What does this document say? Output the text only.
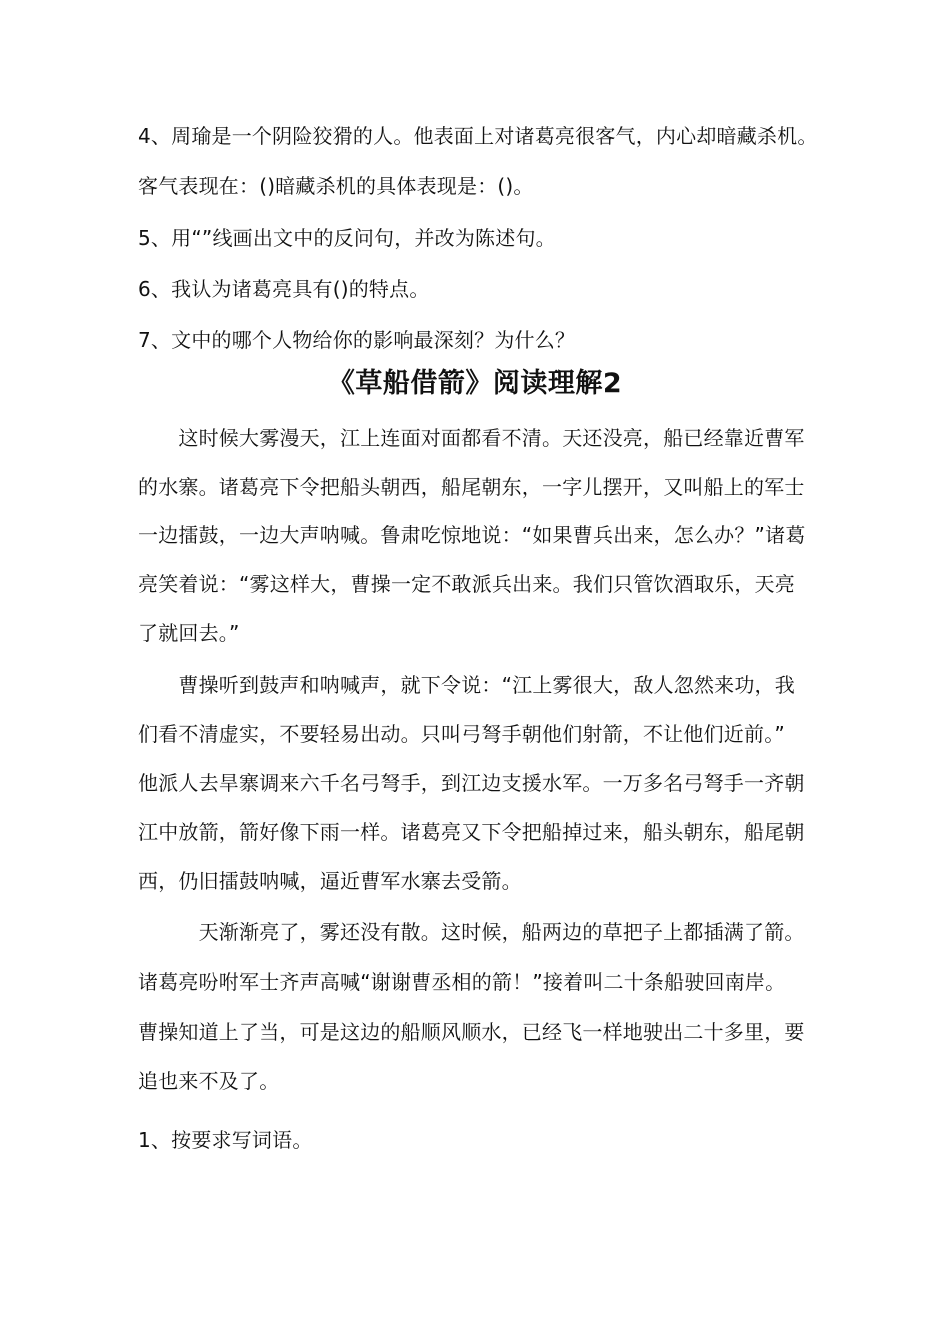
4、周瑜是一个阴险狡猾的人。他表面上对诸葛亮很客气，内心却暗藏杀机。
客气表现在：()暗藏杀机的具体表现是：()。
5、用“”线画出文中的反问句，并改为陈述句。
6、我认为诸葛亮具有()的特点。
7、文中的哪个人物给你的影响最深刻？为什么？
《草船借箭》阅读理解2
　　这时候大雾漫天，江上连面对面都看不清。天还没亮，船已经靠近曹军
的水寨。诸葛亮下令把船头朝西，船尾朝东，一字儿摆开，又叫船上的军士
一边擂鼓，一边大声呐喊。鲁肃吃惊地说：“如果曹兵出来，怎么办？”诸葛
亮笑着说：“雾这样大，曹操一定不敢派兵出来。我们只管饮酒取乐，天亮
了就回去。”
　　曹操听到鼓声和呐喊声，就下令说：“江上雾很大，敌人忽然来功，我
们看不清虚实，不要轻易出动。只叫弓弩手朝他们射箭，不让他们近前。”
他派人去旱寨调来六千名弓弩手，到江边支援水军。一万多名弓弩手一齐朝
江中放箭，箭好像下雨一样。诸葛亮又下令把船掉过来，船头朝东，船尾朝
西，仍旧擂鼓呐喊，逼近曹军水寨去受箭。
　　　天渐渐亮了，雾还没有散。这时候，船两边的草把子上都插满了箭。
诸葛亮吩咐军士齐声高喊“谢谢曹丞相的箭！”接着叫二十条船驶回南岸。
曹操知道上了当，可是这边的船顺风顺水，已经飞一样地驶出二十多里，要
追也来不及了。
1、按要求写词语。
